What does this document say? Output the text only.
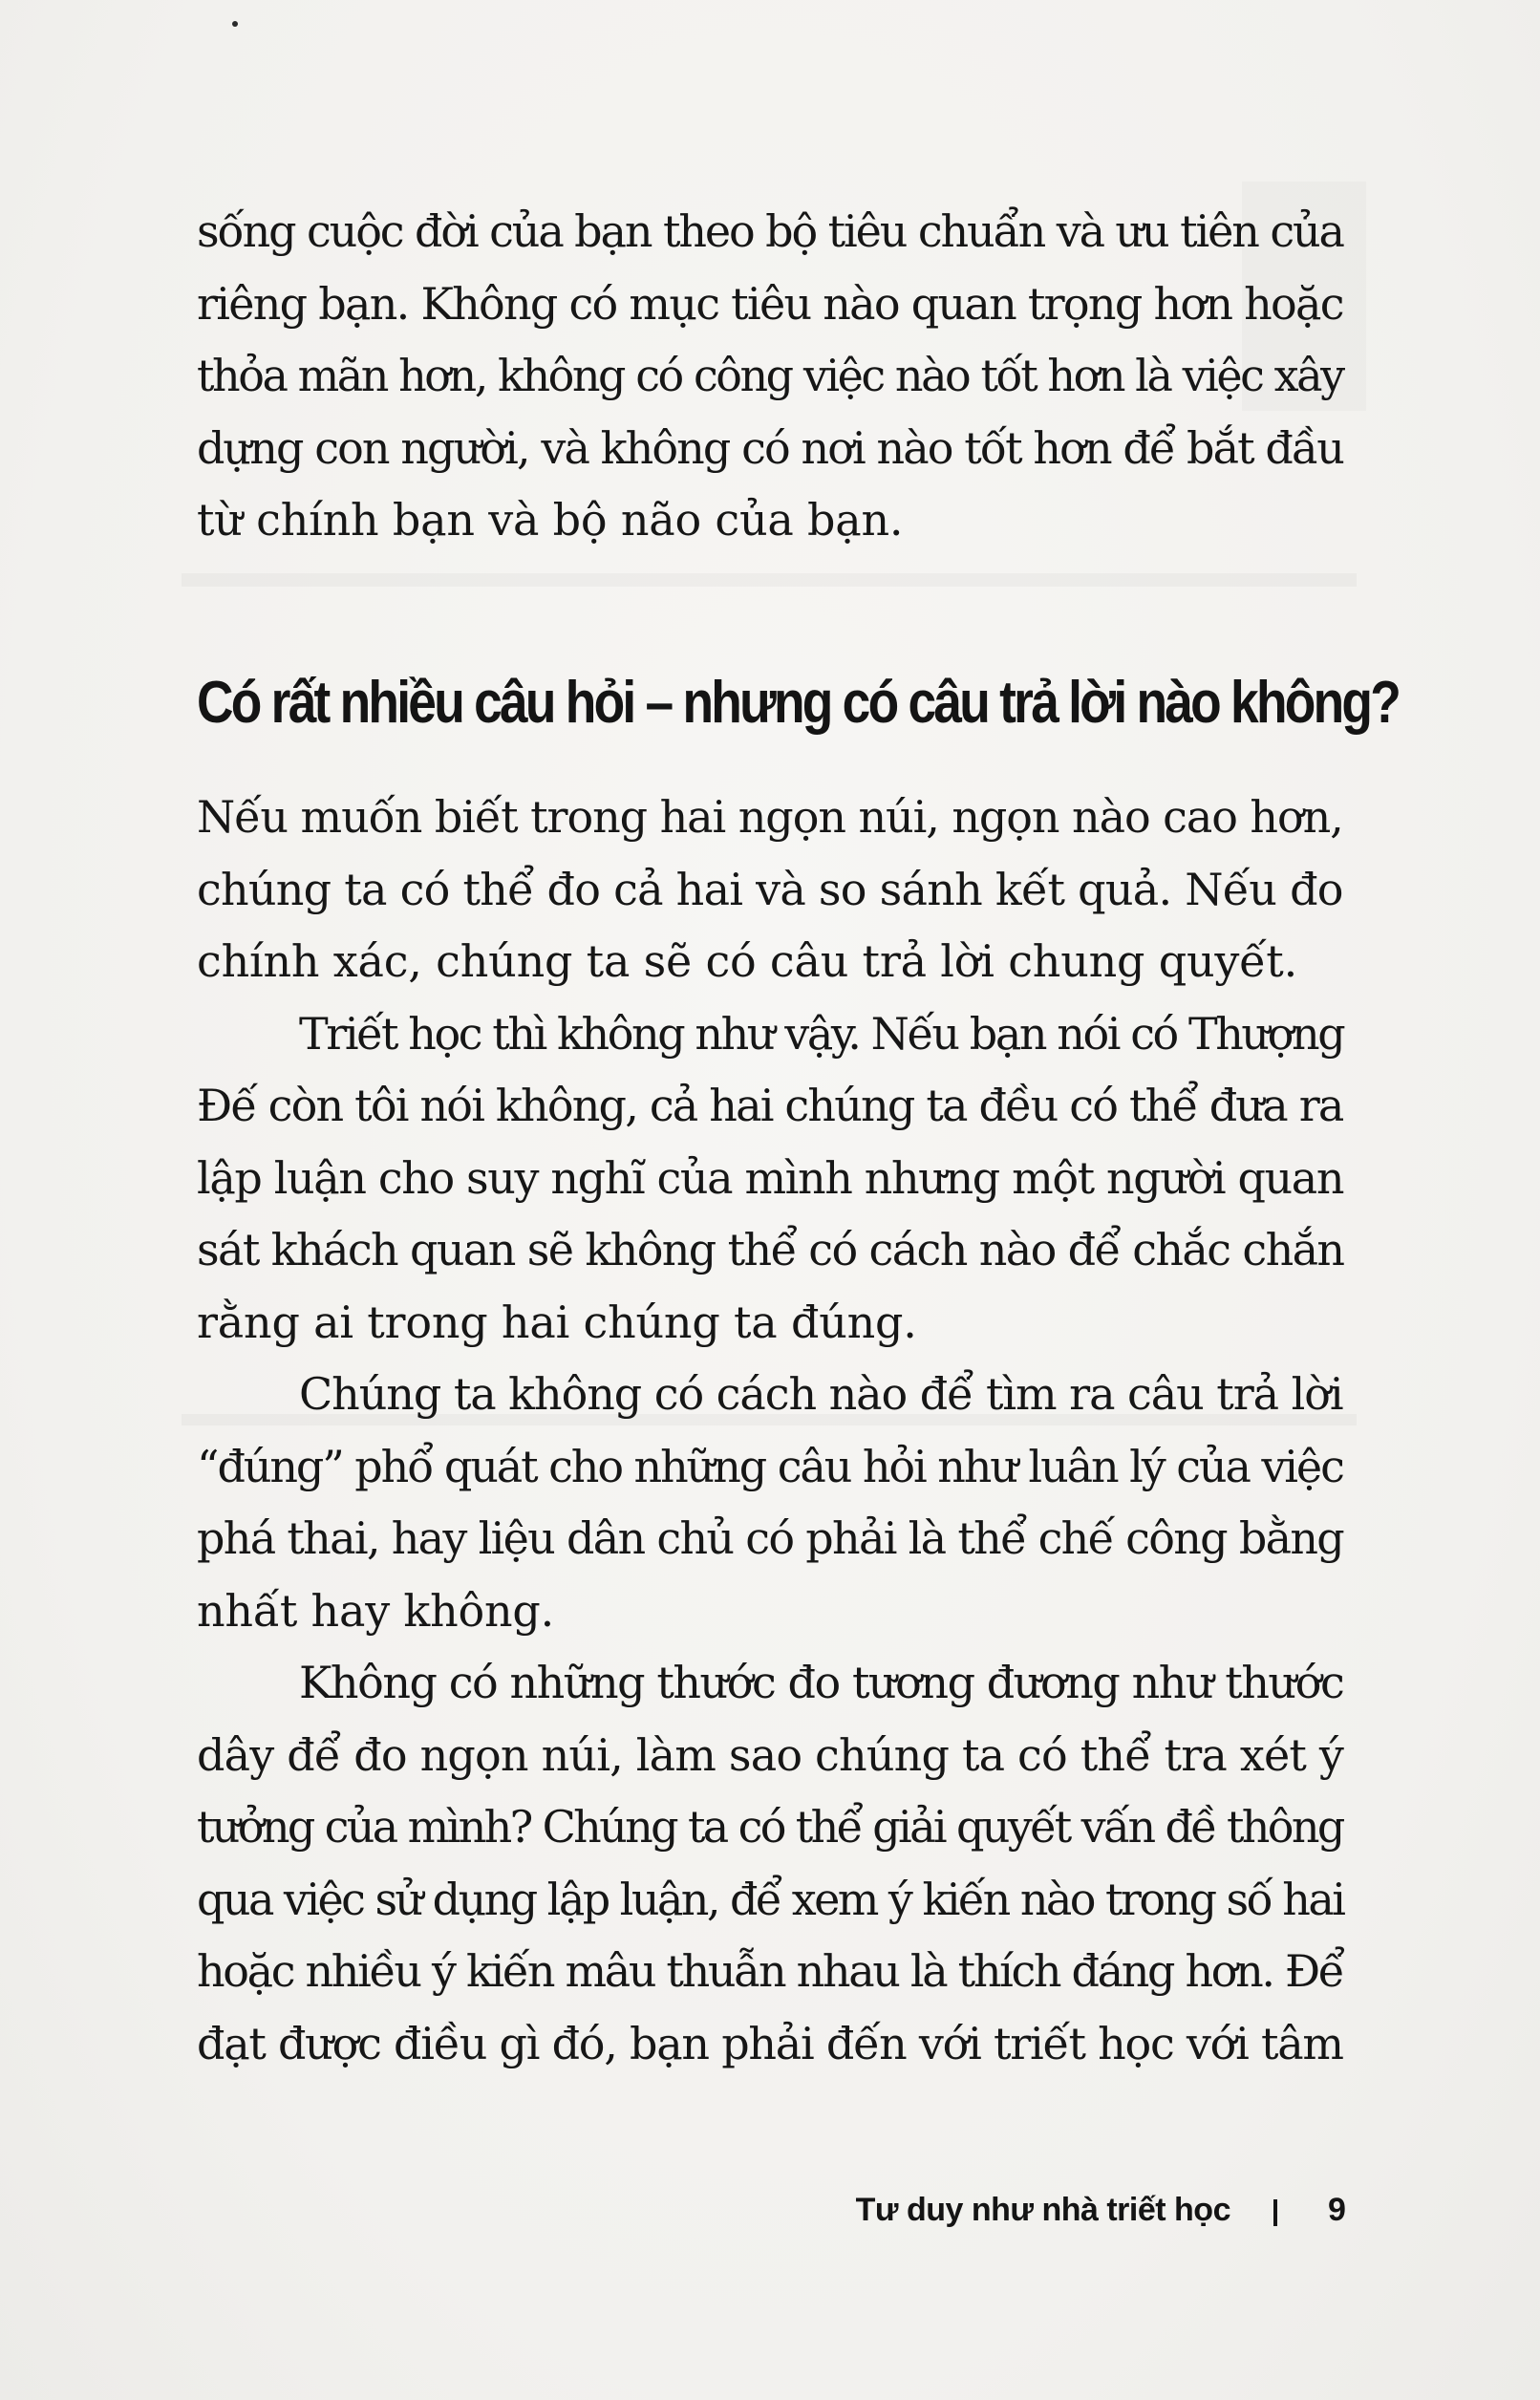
sống cuộc đời của bạn theo bộ tiêu chuẩn và ưu tiên của
riêng bạn. Không có mục tiêu nào quan trọng hơn hoặc
thỏa mãn hơn, không có công việc nào tốt hơn là việc xây
dựng con người, và không có nơi nào tốt hơn để bắt đầu
từ chính bạn và bộ não của bạn.
Có rất nhiều câu hỏi – nhưng có câu trả lời nào không?
Nếu muốn biết trong hai ngọn núi, ngọn nào cao hơn,
chúng ta có thể đo cả hai và so sánh kết quả. Nếu đo
chính xác, chúng ta sẽ có câu trả lời chung quyết.
Triết học thì không như vậy. Nếu bạn nói có Thượng
Đế còn tôi nói không, cả hai chúng ta đều có thể đưa ra
lập luận cho suy nghĩ của mình nhưng một người quan
sát khách quan sẽ không thể có cách nào để chắc chắn
rằng ai trong hai chúng ta đúng.
Chúng ta không có cách nào để tìm ra câu trả lời
“đúng” phổ quát cho những câu hỏi như luân lý của việc
phá thai, hay liệu dân chủ có phải là thể chế công bằng
nhất hay không.
Không có những thước đo tương đương như thước
dây để đo ngọn núi, làm sao chúng ta có thể tra xét ý
tưởng của mình? Chúng ta có thể giải quyết vấn đề thông
qua việc sử dụng lập luận, để xem ý kiến nào trong số hai
hoặc nhiều ý kiến mâu thuẫn nhau là thích đáng hơn. Để
đạt được điều gì đó, bạn phải đến với triết học với tâm
Tư duy như nhà triết học	9
